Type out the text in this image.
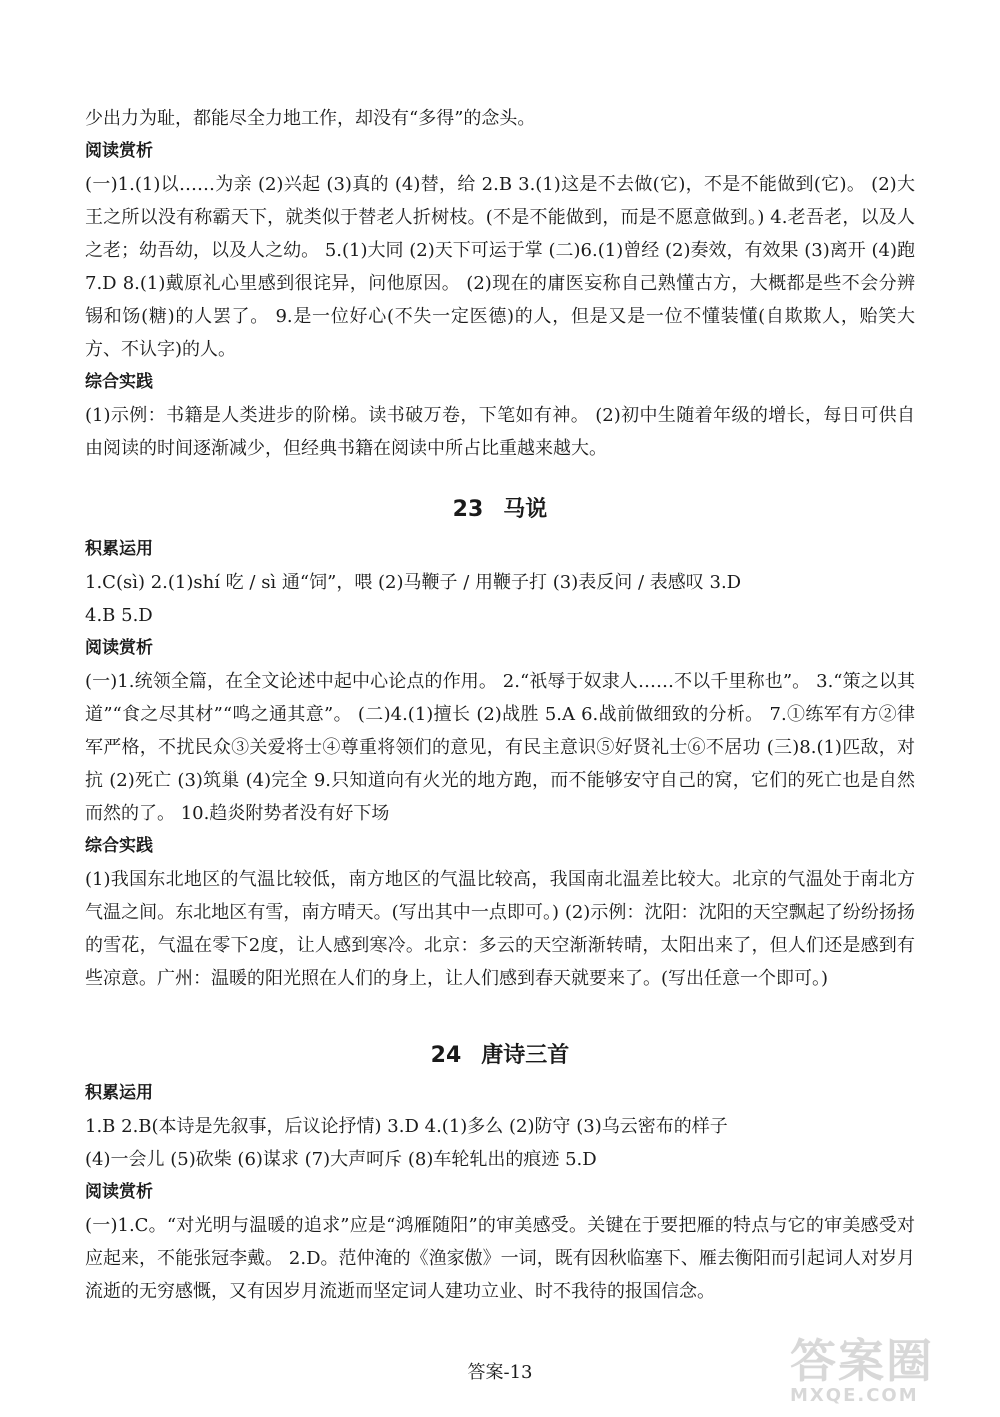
少出力为耻，都能尽全力地工作，却没有“多得”的念头。

阅读赏析

(一)1.(1)以……为亲 (2)兴起 (3)真的 (4)替，给 2.B 3.(1)这是不去做(它)，不是不能做到(它)。 (2)大王之所以没有称霸天下，就类似于替老人折树枝。(不是不能做到，而是不愿意做到。) 4.老吾老，以及人之老；幼吾幼，以及人之幼。 5.(1)大同 (2)天下可运于掌 (二)6.(1)曾经 (2)奏效，有效果 (3)离开 (4)跑 7.D 8.(1)戴原礼心里感到很诧异，问他原因。 (2)现在的庸医妄称自己熟懂古方，大概都是些不会分辨锡和饧(糖)的人罢了。 9.是一位好心(不失一定医德)的人，但是又是一位不懂装懂(自欺欺人，贻笑大方、不认字)的人。

综合实践

(1)示例：书籍是人类进步的阶梯。读书破万卷，下笔如有神。 (2)初中生随着年级的增长，每日可供自由阅读的时间逐渐减少，但经典书籍在阅读中所占比重越来越大。

23 马说
积累运用

1.C(sì) 2.(1)shí 吃 / sì 通“饲”，喂 (2)马鞭子 / 用鞭子打 (3)表反问 / 表感叹 3.D

4.B 5.D

阅读赏析

(一)1.统领全篇，在全文论述中起中心论点的作用。 2.“祇辱于奴隶人……不以千里称也”。 3.“策之以其道”“食之尽其材”“鸣之通其意”。 (二)4.(1)擅长 (2)战胜 5.A 6.战前做细致的分析。 7.①练军有方②律军严格，不扰民众③关爱将士④尊重将领们的意见，有民主意识⑤好贤礼士⑥不居功 (三)8.(1)匹敌，对抗 (2)死亡 (3)筑巢 (4)完全 9.只知道向有火光的地方跑，而不能够安守自己的窝，它们的死亡也是自然而然的了。 10.趋炎附势者没有好下场

综合实践

(1)我国东北地区的气温比较低，南方地区的气温比较高，我国南北温差比较大。北京的气温处于南北方气温之间。东北地区有雪，南方晴天。(写出其中一点即可。) (2)示例：沈阳：沈阳的天空飘起了纷纷扬扬的雪花，气温在零下2度，让人感到寒冷。北京：多云的天空渐渐转晴，太阳出来了，但人们还是感到有些凉意。广州：温暖的阳光照在人们的身上，让人们感到春天就要来了。(写出任意一个即可。)

24 唐诗三首
积累运用

1.B 2.B(本诗是先叙事，后议论抒情) 3.D 4.(1)多么 (2)防守 (3)乌云密布的样子

(4)一会儿 (5)砍柴 (6)谋求 (7)大声呵斥 (8)车轮轧出的痕迹 5.D

阅读赏析

(一)1.C。“对光明与温暖的追求”应是“鸿雁随阳”的审美感受。关键在于要把雁的特点与它的审美感受对应起来，不能张冠李戴。 2.D。范仲淹的《渔家傲》一词，既有因秋临塞下、雁去衡阳而引起词人对岁月流逝的无穷感慨，又有因岁月流逝而坚定词人建功立业、时不我待的报国信念。

答案-13	答案圈
MXQE.COM
